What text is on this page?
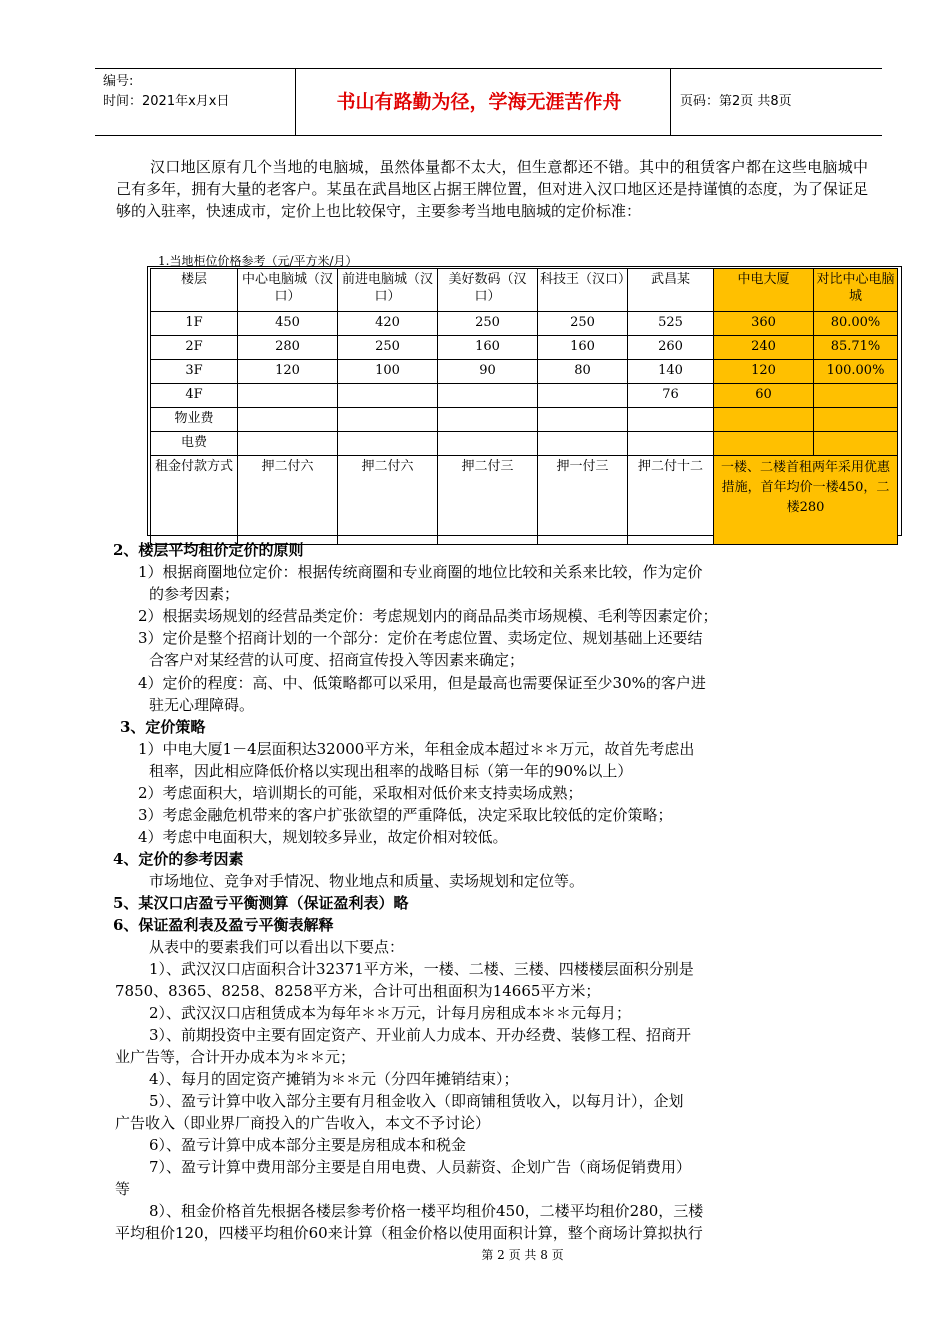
编号:
时间：2021年x月x日	书山有路勤为径，学海无涯苦作舟	页码：第2页 共8页
汉口地区原有几个当地的电脑城，虽然体量都不太大，但生意都还不错。其中的租赁客户都在这些电脑城中己有多年，拥有大量的老客户。某虽在武昌地区占据王牌位置，但对进入汉口地区还是持谨慎的态度，为了保证足够的入驻率，快速成市，定价上也比较保守，主要参考当地电脑城的定价标准：
1.当地柜位价格参考（元/平方米/月）
楼层	中心电脑城（汉口）	前进电脑城（汉口）	美好数码（汉口）	科技王（汉口）	武昌某	中电大厦	对比中心电脑城
1F	450	420	250	250	525	360	80.00%
2F	280	250	160	160	260	240	85.71%
3F	120	100	90	80	140	120	100.00%
4F					76	60	
物业费							
电费							
租金付款方式	押二付六	押二付六	押二付三	押一付三	押二付十二	一楼、二楼首租两年采用优惠措施，首年均价一楼450，二楼280	
2、楼层平均租价定价的原则
1）根据商圈地位定价：根据传统商圈和专业商圈的地位比较和关系来比较，作为定价
的参考因素；
2）根据卖场规划的经营品类定价：考虑规划内的商品品类市场规模、毛利等因素定价；
3）定价是整个招商计划的一个部分：定价在考虑位置、卖场定位、规划基础上还要结
合客户对某经营的认可度、招商宣传投入等因素来确定；
4）定价的程度：高、中、低策略都可以采用，但是最高也需要保证至少30%的客户进
驻无心理障碍。
3、定价策略
1）中电大厦1－4层面积达32000平方米，年租金成本超过＊＊万元，故首先考虑出
租率，因此相应降低价格以实现出租率的战略目标（第一年的90%以上）
2）考虑面积大，培训期长的可能，采取相对低价来支持卖场成熟；
3）考虑金融危机带来的客户扩张欲望的严重降低，决定采取比较低的定价策略；
4）考虑中电面积大，规划较多异业，故定价相对较低。
4、定价的参考因素
市场地位、竞争对手情况、物业地点和质量、卖场规划和定位等。
5、某汉口店盈亏平衡测算（保证盈利表）略
6、保证盈利表及盈亏平衡表解释
从表中的要素我们可以看出以下要点：
1）、武汉汉口店面积合计32371平方米，一楼、二楼、三楼、四楼楼层面积分别是
7850、8365、8258、8258平方米，合计可出租面积为14665平方米；
2）、武汉汉口店租赁成本为每年＊＊万元，计每月房租成本＊＊元每月；
3）、前期投资中主要有固定资产、开业前人力成本、开办经费、装修工程、招商开
业广告等，合计开办成本为＊＊元；
4）、每月的固定资产摊销为＊＊元（分四年摊销结束）；
5）、盈亏计算中收入部分主要有月租金收入（即商铺租赁收入，以每月计），企划
广告收入（即业界厂商投入的广告收入，本文不予讨论）
6）、盈亏计算中成本部分主要是房租成本和税金
7）、盈亏计算中费用部分主要是自用电费、人员薪资、企划广告（商场促销费用）
等
8）、租金价格首先根据各楼层参考价格一楼平均租价450，二楼平均租价280，三楼
平均租价120，四楼平均租价60来计算（租金价格以使用面积计算，整个商场计算拟执行
第 2 页 共 8 页
